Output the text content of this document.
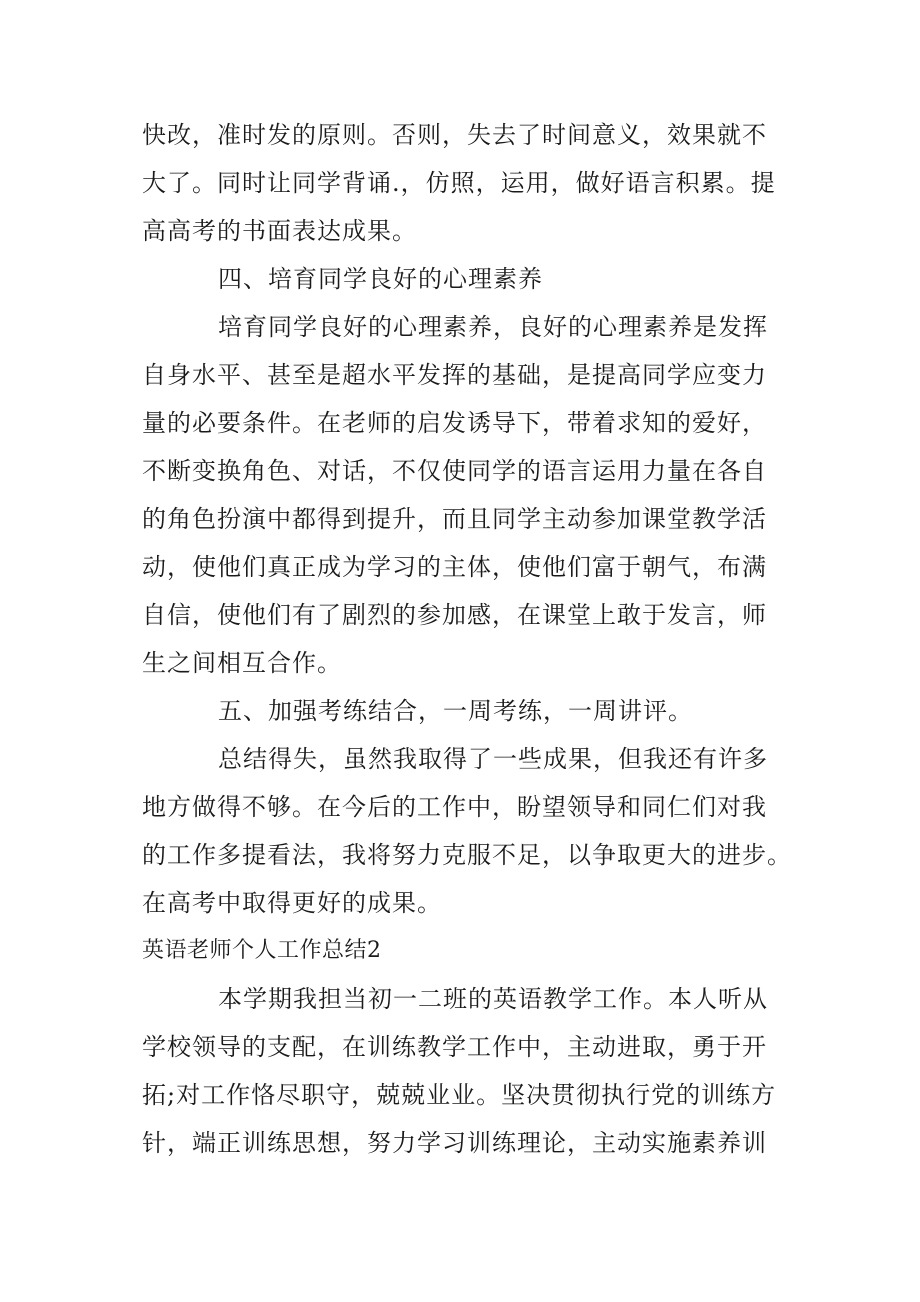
快改，准时发的原则。否则，失去了时间意义，效果就不
大了。同时让同学背诵.，仿照，运用，做好语言积累。提
高高考的书面表达成果。
四、培育同学良好的心理素养
培育同学良好的心理素养，良好的心理素养是发挥
自身水平、甚至是超水平发挥的基础，是提高同学应变力
量的必要条件。在老师的启发诱导下，带着求知的爱好，
不断变换角色、对话，不仅使同学的语言运用力量在各自
的角色扮演中都得到提升，而且同学主动参加课堂教学活
动，使他们真正成为学习的主体，使他们富于朝气，布满
自信，使他们有了剧烈的参加感，在课堂上敢于发言，师
生之间相互合作。
五、加强考练结合，一周考练，一周讲评。
总结得失，虽然我取得了一些成果，但我还有许多
地方做得不够。在今后的工作中，盼望领导和同仁们对我
的工作多提看法，我将努力克服不足，以争取更大的进步。
在高考中取得更好的成果。
英语老师个人工作总结2
本学期我担当初一二班的英语教学工作。本人听从
学校领导的支配，在训练教学工作中，主动进取，勇于开
拓;对工作恪尽职守，兢兢业业。坚决贯彻执行党的训练方
针，端正训练思想，努力学习训练理论，主动实施素养训
